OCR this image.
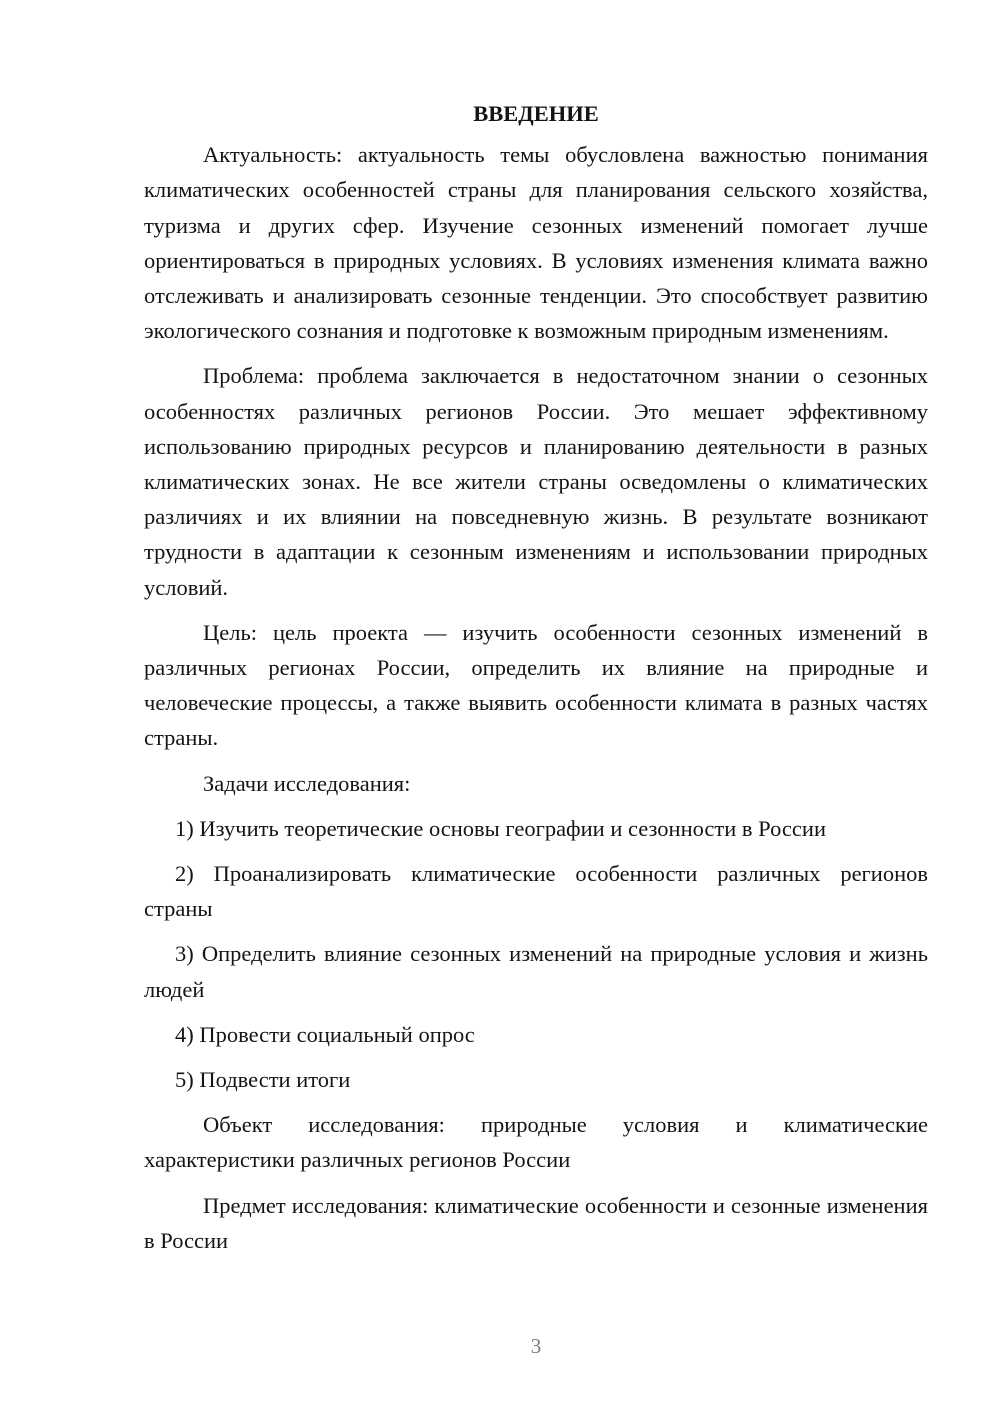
ВВЕДЕНИЕ

Актуальность: актуальность темы обусловлена важностью понимания климатических особенностей страны для планирования сельского хозяйства, туризма и других сфер. Изучение сезонных изменений помогает лучше ориентироваться в природных условиях. В условиях изменения климата важно отслеживать и анализировать сезонные тенденции. Это способствует развитию экологического сознания и подготовке к возможным природным изменениям.

Проблема: проблема заключается в недостаточном знании о сезонных особенностях различных регионов России. Это мешает эффективному использованию природных ресурсов и планированию деятельности в разных климатических зонах. Не все жители страны осведомлены о климатических различиях и их влиянии на повседневную жизнь. В результате возникают трудности в адаптации к сезонным изменениям и использовании природных условий.

Цель: цель проекта — изучить особенности сезонных изменений в различных регионах России, определить их влияние на природные и человеческие процессы, а также выявить особенности климата в разных частях страны.

Задачи исследования:

1) Изучить теоретические основы географии и сезонности в России

2) Проанализировать климатические особенности различных регионов страны

3) Определить влияние сезонных изменений на природные условия и жизнь людей

4) Провести социальный опрос

5) Подвести итоги

Объект исследования: природные условия и климатические характеристики различных регионов России

Предмет исследования: климатические особенности и сезонные изменения в России

3
